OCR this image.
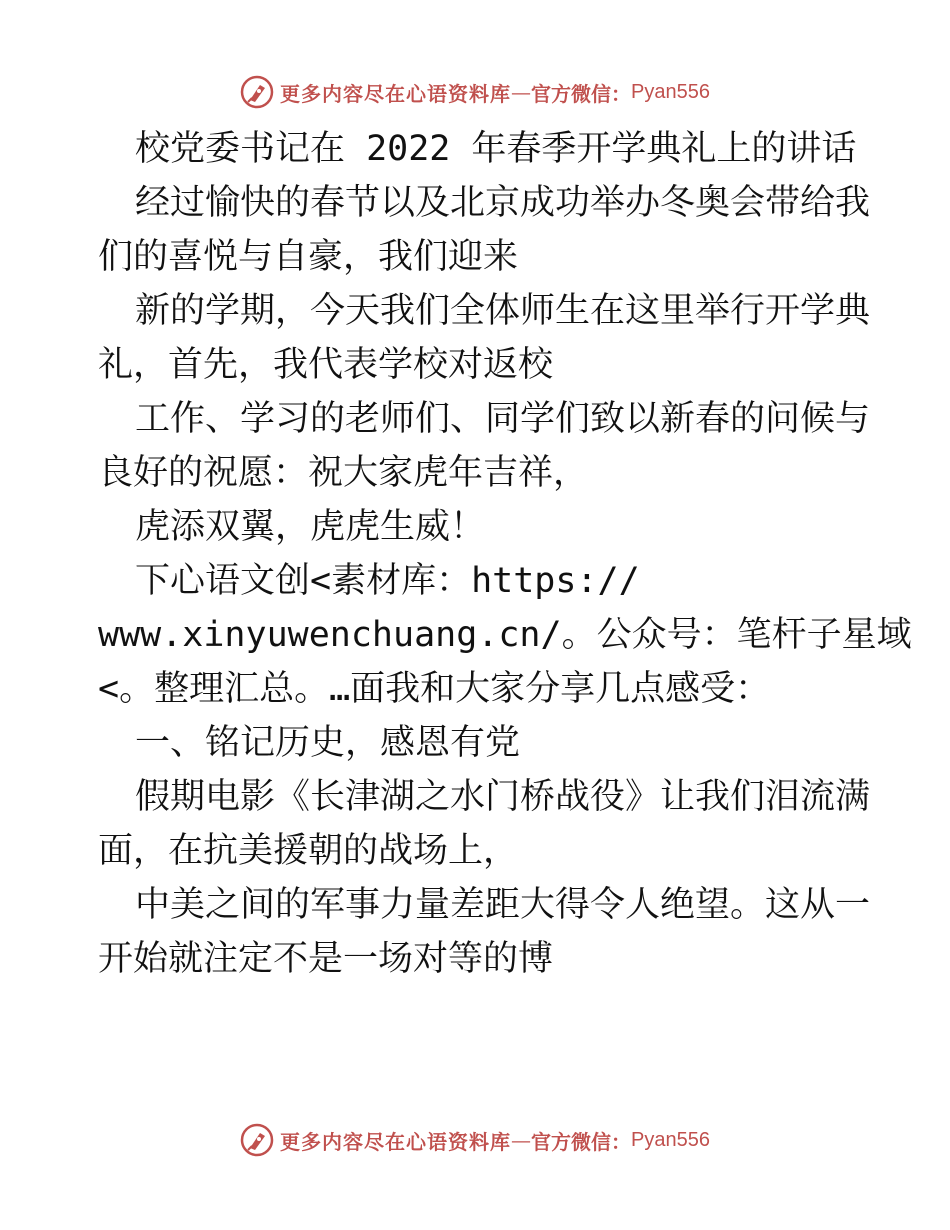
更多内容尽在心语资料库 — 官方微信： Pyan556
校党委书记在 2022 年春季开学典礼上的讲话
经过愉快的春节以及北京成功举办冬奥会带给我
们的喜悦与自豪，我们迎来
新的学期，今天我们全体师生在这里举行开学典
礼，首先，我代表学校对返校
工作、学习的老师们、同学们致以新春的问候与
良好的祝愿：祝大家虎年吉祥，
虎添双翼，虎虎生威！
下心语文创<素材库：https://
www.xinyuwenchuang.cn/。公众号：笔杆子星域
<。整理汇总。…面我和大家分享几点感受：
一、铭记历史，感恩有党
假期电影《长津湖之水门桥战役》让我们泪流满
面，在抗美援朝的战场上，
中美之间的军事力量差距大得令人绝望。这从一
开始就注定不是一场对等的博
更多内容尽在心语资料库 — 官方微信： Pyan556
